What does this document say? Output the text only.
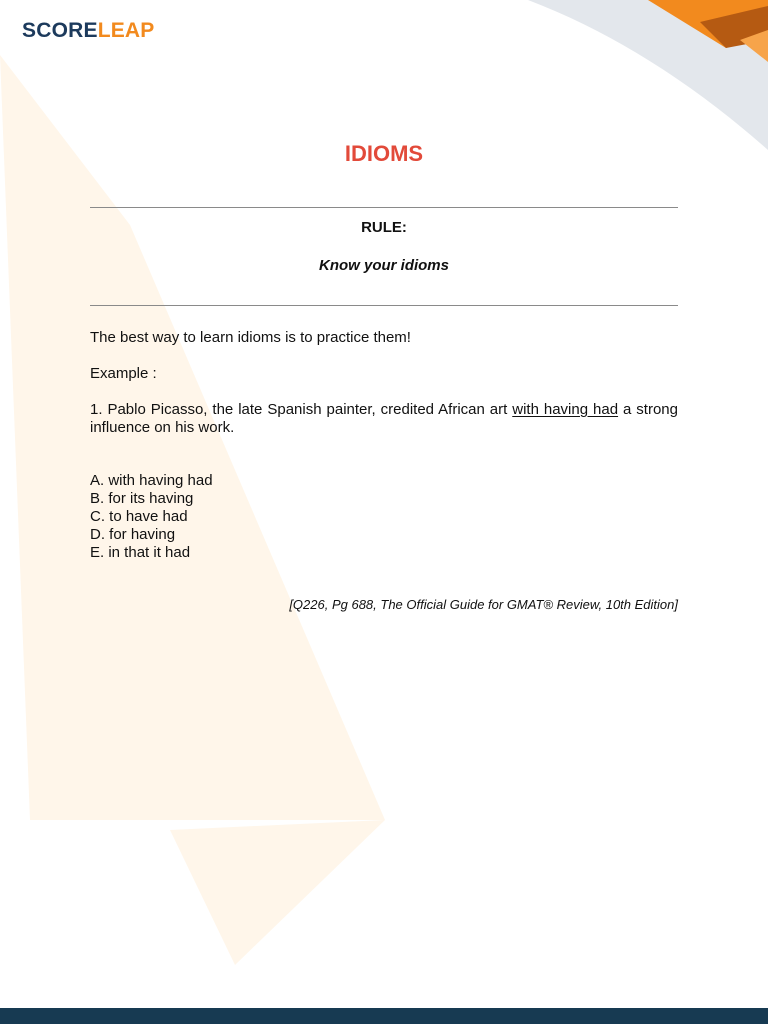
SCORELEAP
IDIOMS
RULE:
Know your idioms
The best way to learn idioms is to practice them!
Example :
1. Pablo Picasso, the late Spanish painter, credited African art with having had a strong influence on his work.
A. with having had
B. for its having
C. to have had
D. for having
E. in that it had
[Q226, Pg 688, The Official Guide for GMAT® Review, 10th Edition]
